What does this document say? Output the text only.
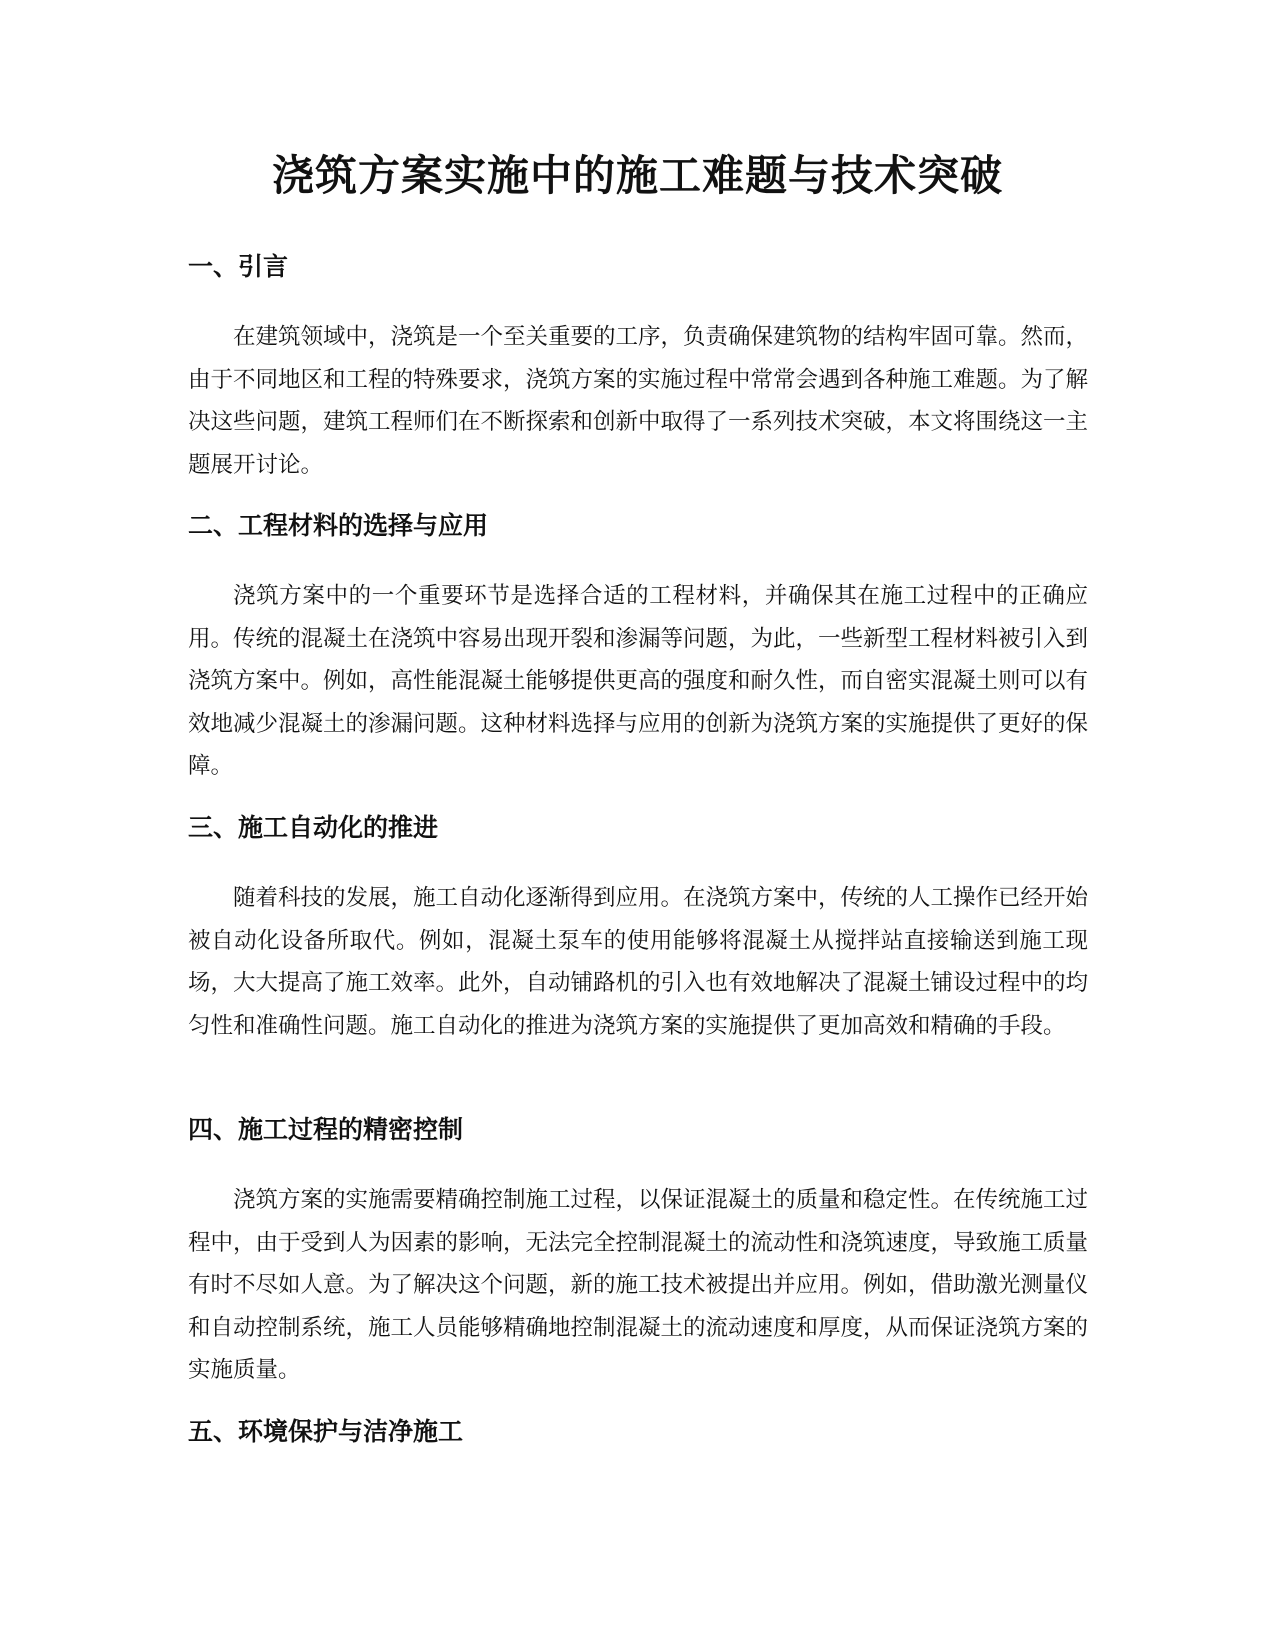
浇筑方案实施中的施工难题与技术突破
一、引言

在建筑领域中，浇筑是一个至关重要的工序，负责确保建筑物的结构牢固可靠。然而，由于不同地区和工程的特殊要求，浇筑方案的实施过程中常常会遇到各种施工难题。为了解决这些问题，建筑工程师们在不断探索和创新中取得了一系列技术突破，本文将围绕这一主题展开讨论。

二、工程材料的选择与应用

浇筑方案中的一个重要环节是选择合适的工程材料，并确保其在施工过程中的正确应用。传统的混凝土在浇筑中容易出现开裂和渗漏等问题，为此，一些新型工程材料被引入到浇筑方案中。例如，高性能混凝土能够提供更高的强度和耐久性，而自密实混凝土则可以有效地减少混凝土的渗漏问题。这种材料选择与应用的创新为浇筑方案的实施提供了更好的保障。

三、施工自动化的推进

随着科技的发展，施工自动化逐渐得到应用。在浇筑方案中，传统的人工操作已经开始被自动化设备所取代。例如，混凝土泵车的使用能够将混凝土从搅拌站直接输送到施工现场，大大提高了施工效率。此外，自动铺路机的引入也有效地解决了混凝土铺设过程中的均匀性和准确性问题。施工自动化的推进为浇筑方案的实施提供了更加高效和精确的手段。

四、施工过程的精密控制

浇筑方案的实施需要精确控制施工过程，以保证混凝土的质量和稳定性。在传统施工过程中，由于受到人为因素的影响，无法完全控制混凝土的流动性和浇筑速度，导致施工质量有时不尽如人意。为了解决这个问题，新的施工技术被提出并应用。例如，借助激光测量仪和自动控制系统，施工人员能够精确地控制混凝土的流动速度和厚度，从而保证浇筑方案的实施质量。

五、环境保护与洁净施工
